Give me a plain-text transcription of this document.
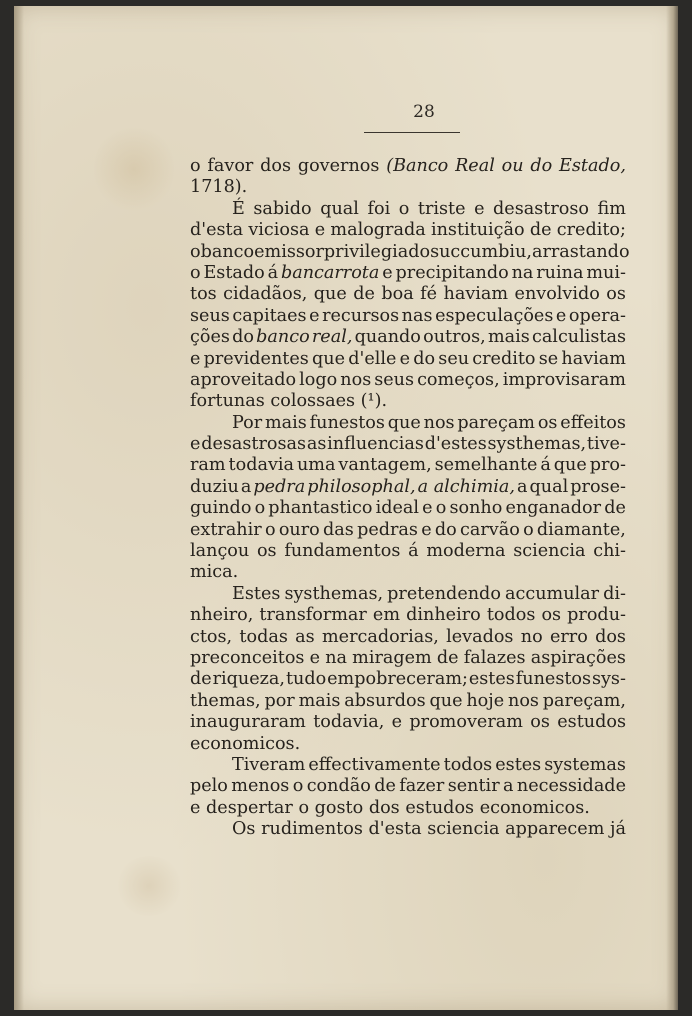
28
o favor dos governos (Banco Real ou do Estado,
1718).
É sabido qual foi o triste e desastroso fim
d'esta viciosa e malograda instituição de credito;
o banco emissor privilegiado succumbiu, arrastando
o Estado á bancarrota e precipitando na ruina mui-
tos cidadãos, que de boa fé haviam envolvido os
seus capitaes e recursos nas especulações e opera-
ções do banco real, quando outros, mais calculistas
e previdentes que d'elle e do seu credito se haviam
aproveitado logo nos seus começos, improvisaram
fortunas colossaes (¹).
Por mais funestos que nos pareçam os effeitos
e desastrosas as influencias d'estes systhemas, tive-
ram todavia uma vantagem, semelhante á que pro-
duziu a pedra philosophal, a alchimia, a qual prose-
guindo o phantastico ideal e o sonho enganador de
extrahir o ouro das pedras e do carvão o diamante,
lançou os fundamentos á moderna sciencia chi-
mica.
Estes systhemas, pretendendo accumular di-
nheiro, transformar em dinheiro todos os produ-
ctos, todas as mercadorias, levados no erro dos
preconceitos e na miragem de falazes aspirações
de riqueza, tudo empobreceram; estes funestos sys-
themas, por mais absurdos que hoje nos pareçam,
inauguraram todavia, e promoveram os estudos
economicos.
Tiveram effectivamente todos estes systemas
pelo menos o condão de fazer sentir a necessidade
e despertar o gosto dos estudos economicos.
Os rudimentos d'esta sciencia apparecem já
